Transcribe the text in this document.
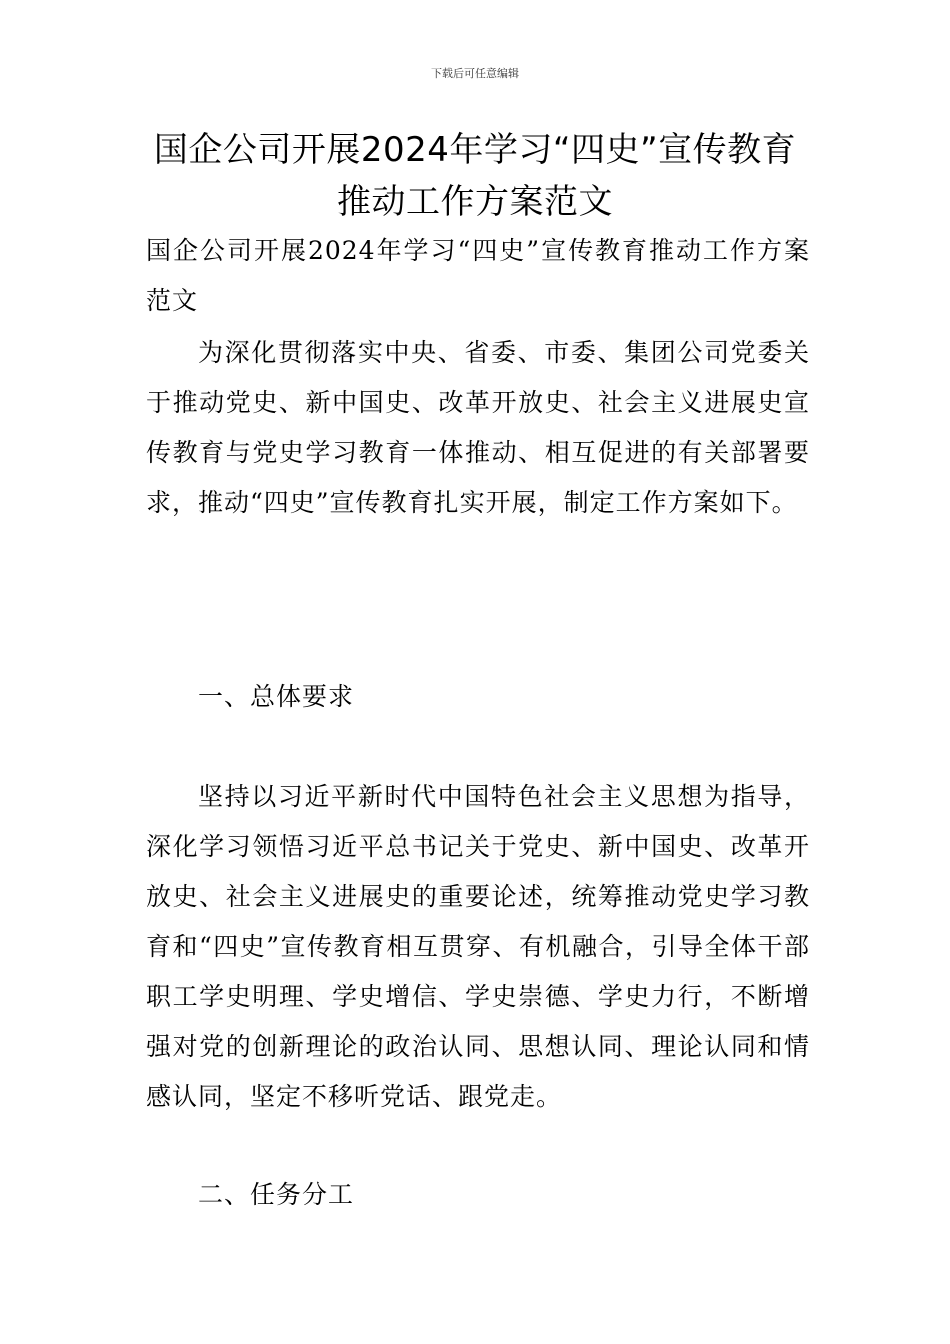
下载后可任意编辑
国企公司开展2024年学习“四史”宣传教育推动工作方案范文
国企公司开展2024年学习“四史”宣传教育推动工作方案范文
为深化贯彻落实中央、省委、市委、集团公司党委关于推动党史、新中国史、改革开放史、社会主义进展史宣传教育与党史学习教育一体推动、相互促进的有关部署要求，推动“四史”宣传教育扎实开展，制定工作方案如下。
一、总体要求
坚持以习近平新时代中国特色社会主义思想为指导，深化学习领悟习近平总书记关于党史、新中国史、改革开放史、社会主义进展史的重要论述，统筹推动党史学习教育和“四史”宣传教育相互贯穿、有机融合，引导全体干部职工学史明理、学史增信、学史崇德、学史力行，不断增强对党的创新理论的政治认同、思想认同、理论认同和情感认同，坚定不移听党话、跟党走。
二、任务分工
